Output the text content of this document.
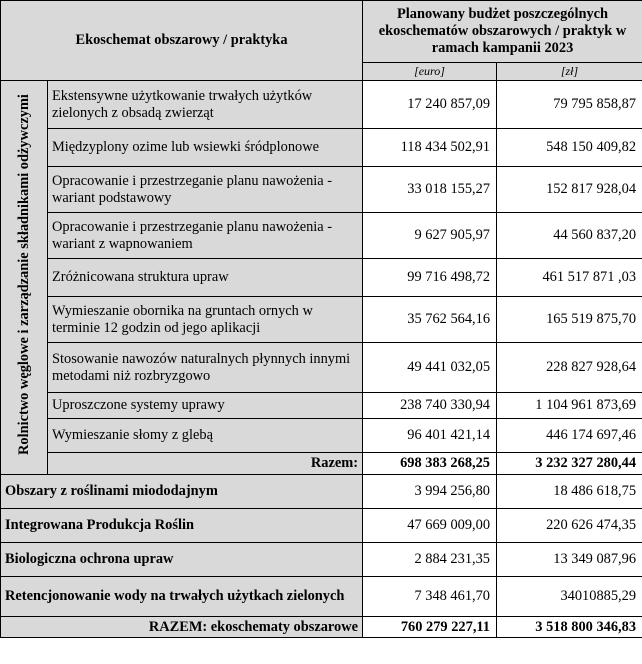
Ekoschemat obszarowy / praktyka		Planowany budżet poszczególnych ekoschematów obszarowych / praktyk w ramach kampanii 2023	
		[euro]	[zł]
Rolnictwo węglowe i zarządzanie składnikami odżywczymi	Ekstensywne użytkowanie trwałych użytków zielonych z obsadą zwierząt	17 240 857,09	79 795 858,87
	Międzyplony ozime lub wsiewki śródplonowe	118 434 502,91	548 150 409,82
	Opracowanie i przestrzeganie planu nawożenia - wariant podstawowy	33 018 155,27	152 817 928,04
	Opracowanie i przestrzeganie planu nawożenia - wariant z wapnowaniem	9 627 905,97	44 560 837,20
	Zróżnicowana struktura upraw	99 716 498,72	461 517 871 ,03
	Wymieszanie obornika na gruntach ornych w terminie 12 godzin od jego aplikacji	35 762 564,16	165 519 875,70
	Stosowanie nawozów naturalnych płynnych innymi metodami niż rozbryzgowo	49 441 032,05	228 827 928,64
	Uproszczone systemy uprawy	238 740 330,94	1 104 961 873,69
	Wymieszanie słomy z glebą	96 401 421,14	446 174 697,46
	Razem:	698 383 268,25	3 232 327 280,44
Obszary z roślinami miododajnym		3 994 256,80	18 486 618,75
Integrowana Produkcja Roślin		47 669 009,00	220 626 474,35
Biologiczna ochrona upraw		2 884 231,35	13 349 087,96
Retencjonowanie wody na trwałych użytkach zielonych		7 348 461,70	34010885,29
RAZEM: ekoschematy obszarowe		760 279 227,11	3 518 800 346,83
